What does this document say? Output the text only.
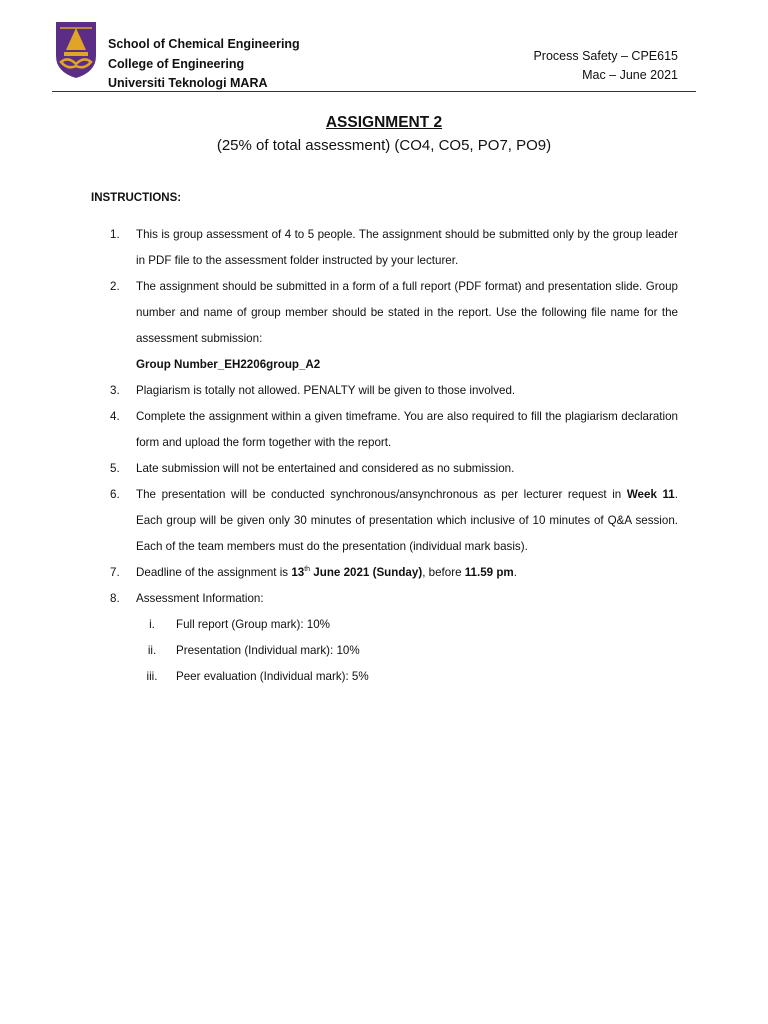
School of Chemical Engineering
College of Engineering
Universiti Teknologi MARA
Process Safety – CPE615
Mac – June 2021
ASSIGNMENT 2
(25% of total assessment) (CO4, CO5, PO7, PO9)
INSTRUCTIONS:
1. This is group assessment of 4 to 5 people. The assignment should be submitted only by the group leader in PDF file to the assessment folder instructed by your lecturer.
2. The assignment should be submitted in a form of a full report (PDF format) and presentation slide. Group number and name of group member should be stated in the report. Use the following file name for the assessment submission:
Group Number_EH2206group_A2
3. Plagiarism is totally not allowed. PENALTY will be given to those involved.
4. Complete the assignment within a given timeframe. You are also required to fill the plagiarism declaration form and upload the form together with the report.
5. Late submission will not be entertained and considered as no submission.
6. The presentation will be conducted synchronous/ansynchronous as per lecturer request in Week 11. Each group will be given only 30 minutes of presentation which inclusive of 10 minutes of Q&A session. Each of the team members must do the presentation (individual mark basis).
7. Deadline of the assignment is 13th June 2021 (Sunday), before 11.59 pm.
8. Assessment Information:
i.	Full report (Group mark): 10%
ii.	Presentation (Individual mark): 10%
iii.	Peer evaluation (Individual mark): 5%
